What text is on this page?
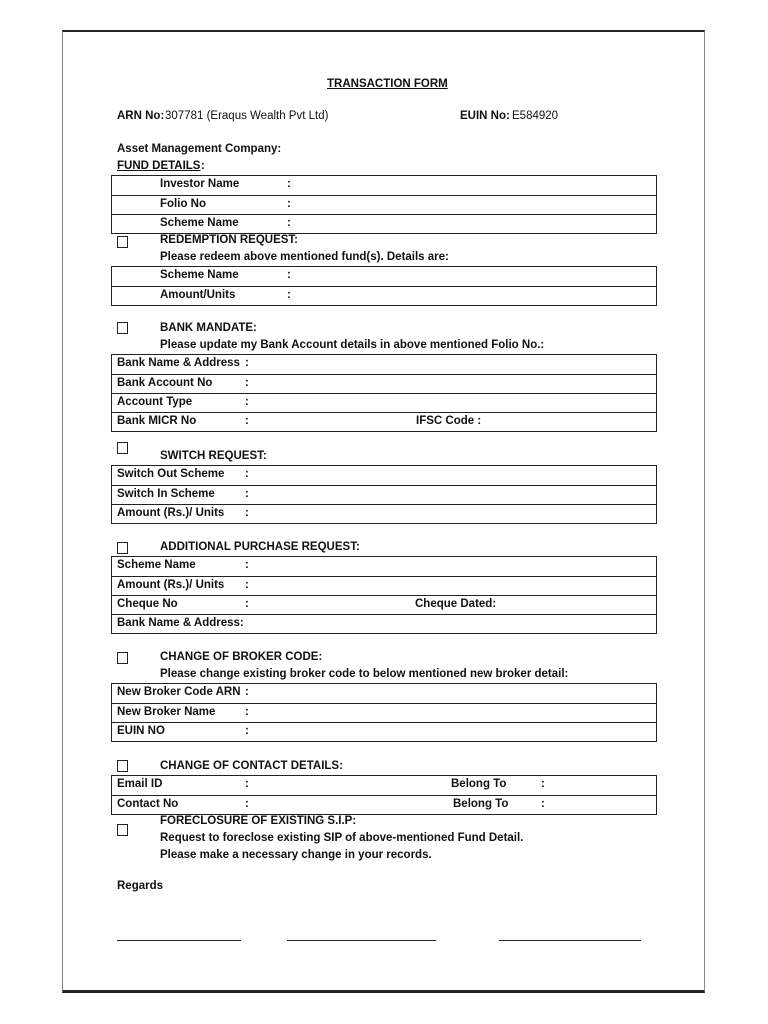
TRANSACTION FORM
ARN No: 307781 (Eraqus Wealth Pvt Ltd)	EUIN No: E584920
Asset Management Company:
FUND DETAILS :
Investor Name	:
Folio No	:
Scheme Name	:
REDEMPTION REQUEST:
Please redeem above mentioned fund(s). Details are:
Scheme Name	:
Amount/Units	:
BANK MANDATE:
Please update my Bank Account details in above mentioned Folio No.:
Bank Name & Address :
Bank Account No	:
Account Type	:
Bank MICR No	:	IFSC Code :
SWITCH REQUEST:
Switch Out Scheme :
Switch In Scheme	:
Amount (Rs.)/ Units :
ADDITIONAL PURCHASE REQUEST:
Scheme Name	:
Amount (Rs.)/ Units :
Cheque No	:	Cheque Dated:
Bank Name & Address:
CHANGE OF BROKER CODE:
Please change existing broker code to below mentioned new broker detail:
New Broker Code ARN :
New Broker Name	:
EUIN NO	:
CHANGE OF CONTACT DETAILS:
Email ID	:	Belong To	:
Contact No	:	Belong To	:
FORECLOSURE OF EXISTING S.I.P:
Request to foreclose existing SIP of above-mentioned Fund Detail.
Please make a necessary change in your records.
Regards
